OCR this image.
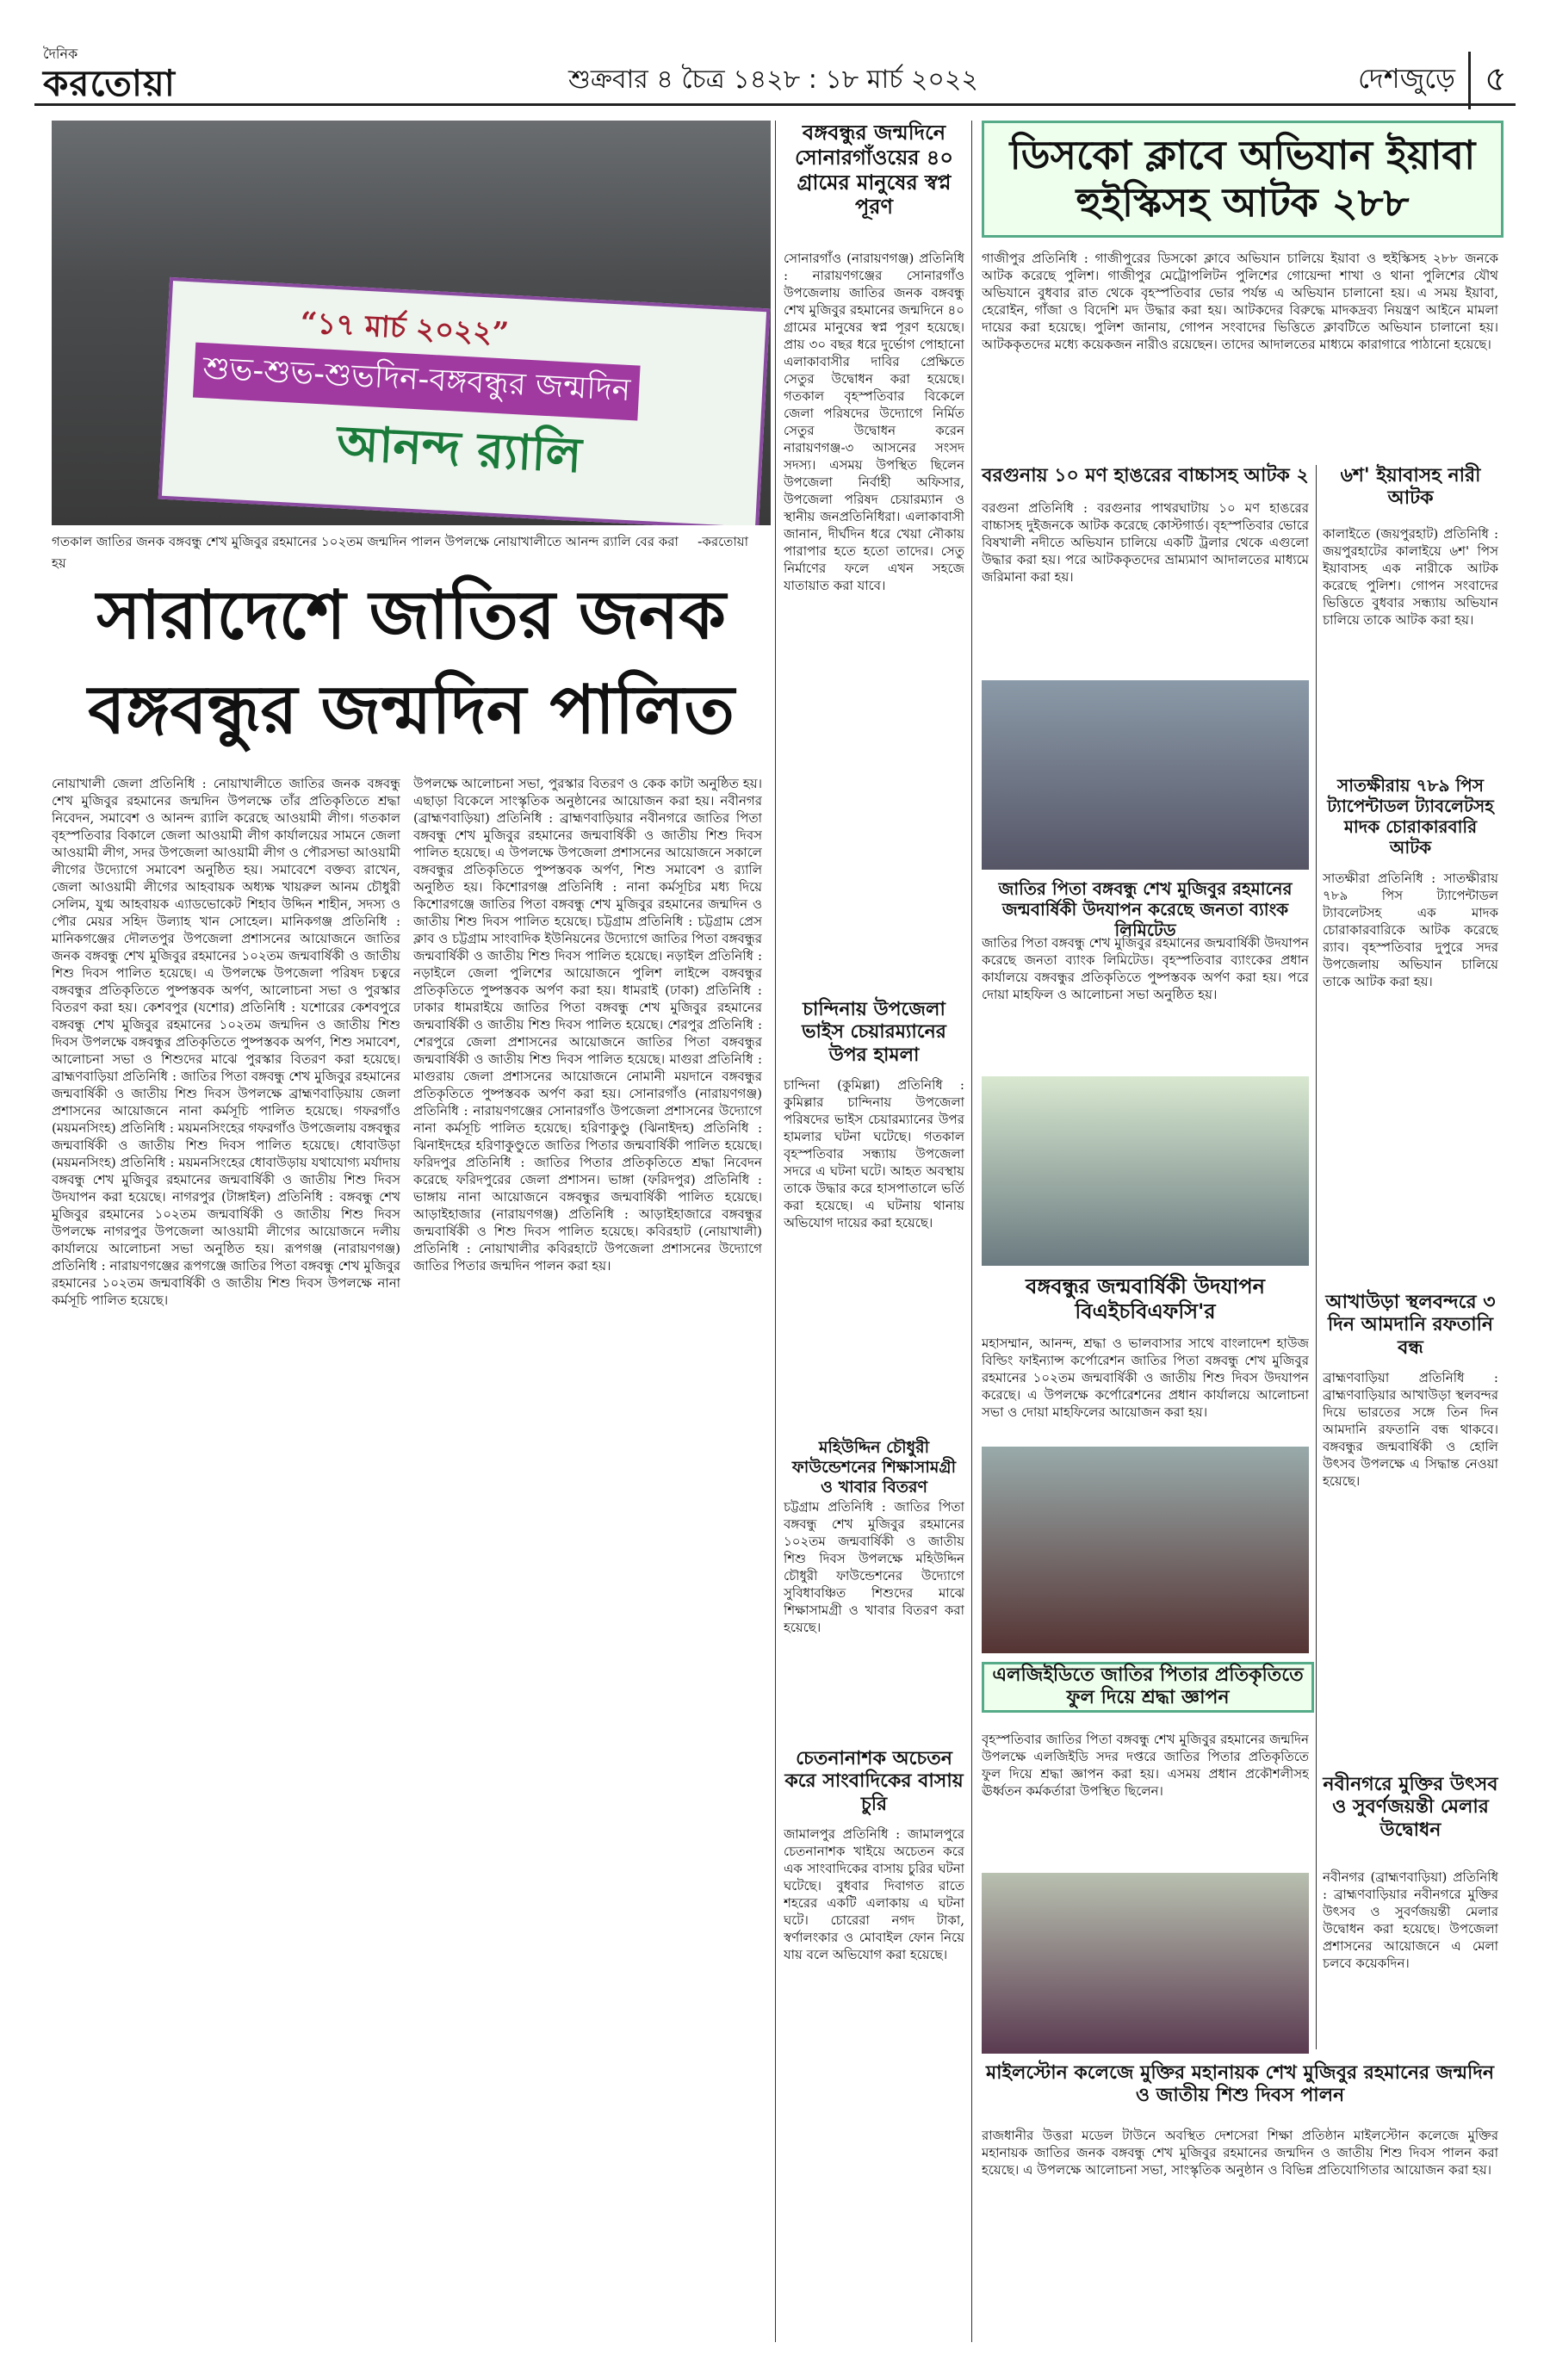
দৈনিক
করতোয়া	শুক্রবার ৪ চৈত্র ১৪২৮ : ১৮ মার্চ ২০২২	দেশজুড়ে ৫
“১৭ মার্চ ২০২২”
শুভ-শুভ-শুভদিন-বঙ্গবন্ধুর জন্মদিন
আনন্দ র‍্যালি
গতকাল জাতির জনক বঙ্গবন্ধু শেখ মুজিবুর রহমানের ১০২তম জন্মদিন পালন উপলক্ষে নোয়াখালীতে আনন্দ র‍্যালি বের করা হয়
-করতোয়া
সারাদেশে জাতির জনক বঙ্গবন্ধুর জন্মদিন পালিত
নোয়াখালী জেলা প্রতিনিধি : নোয়াখালীতে জাতির জনক বঙ্গবন্ধু শেখ মুজিবুর রহমানের জন্মদিন উপলক্ষে তাঁর প্রতিকৃতিতে শ্রদ্ধা নিবেদন, সমাবেশ ও আনন্দ র‍্যালি করেছে আওয়ামী লীগ। গতকাল বৃহস্পতিবার বিকালে জেলা আওয়ামী লীগ কার্যালয়ের সামনে জেলা আওয়ামী লীগ, সদর উপজেলা আওয়ামী লীগ ও পৌরসভা আওয়ামী লীগের উদ্যোগে সমাবেশ অনুষ্ঠিত হয়। সমাবেশে বক্তব্য রাখেন, জেলা আওয়ামী লীগের আহবায়ক অধ্যক্ষ খায়রুল আনম চৌধুরী সেলিম, যুগ্ম আহবায়ক এ্যাডভোকেট শিহাব উদ্দিন শাহীন, সদস্য ও পৌর মেয়র সহিদ উল্যাহ খান সোহেল। মানিকগঞ্জ প্রতিনিধি : মানিকগঞ্জের দৌলতপুর উপজেলা প্রশাসনের আয়োজনে জাতির জনক বঙ্গবন্ধু শেখ মুজিবুর রহমানের ১০২তম জন্মবার্ষিকী ও জাতীয় শিশু দিবস পালিত হয়েছে। এ উপলক্ষে উপজেলা পরিষদ চত্বরে বঙ্গবন্ধুর প্রতিকৃতিতে পুষ্পস্তবক অর্পণ, আলোচনা সভা ও পুরস্কার বিতরণ করা হয়। কেশবপুর (যশোর) প্রতিনিধি : যশোরের কেশবপুরে বঙ্গবন্ধু শেখ মুজিবুর রহমানের ১০২তম জন্মদিন ও জাতীয় শিশু দিবস উপলক্ষে বঙ্গবন্ধুর প্রতিকৃতিতে পুষ্পস্তবক অর্পণ, শিশু সমাবেশ, আলোচনা সভা ও শিশুদের মাঝে পুরস্কার বিতরণ করা হয়েছে। ব্রাহ্মণবাড়িয়া প্রতিনিধি : জাতির পিতা বঙ্গবন্ধু শেখ মুজিবুর রহমানের জন্মবার্ষিকী ও জাতীয় শিশু দিবস উপলক্ষে ব্রাহ্মণবাড়িয়ায় জেলা প্রশাসনের আয়োজনে নানা কর্মসূচি পালিত হয়েছে। গফরগাঁও (ময়মনসিংহ) প্রতিনিধি : ময়মনসিংহের গফরগাঁও উপজেলায় বঙ্গবন্ধুর জন্মবার্ষিকী ও জাতীয় শিশু দিবস পালিত হয়েছে। ধোবাউড়া (ময়মনসিংহ) প্রতিনিধি : ময়মনসিংহের ধোবাউড়ায় যথাযোগ্য মর্যাদায় বঙ্গবন্ধু শেখ মুজিবুর রহমানের জন্মবার্ষিকী ও জাতীয় শিশু দিবস উদযাপন করা হয়েছে। নাগরপুর (টাঙ্গাইল) প্রতিনিধি : বঙ্গবন্ধু শেখ মুজিবুর রহমানের ১০২তম জন্মবার্ষিকী ও জাতীয় শিশু দিবস উপলক্ষে নাগরপুর উপজেলা আওয়ামী লীগের আয়োজনে দলীয় কার্যালয়ে আলোচনা সভা অনুষ্ঠিত হয়। রূপগঞ্জ (নারায়ণগঞ্জ) প্রতিনিধি : নারায়ণগঞ্জের রূপগঞ্জে জাতির পিতা বঙ্গবন্ধু শেখ মুজিবুর রহমানের ১০২তম জন্মবার্ষিকী ও জাতীয় শিশু দিবস উপলক্ষে নানা কর্মসূচি পালিত হয়েছে।
উপলক্ষে আলোচনা সভা, পুরস্কার বিতরণ ও কেক কাটা অনুষ্ঠিত হয়। এছাড়া বিকেলে সাংস্কৃতিক অনুষ্ঠানের আয়োজন করা হয়। নবীনগর (ব্রাহ্মণবাড়িয়া) প্রতিনিধি : ব্রাহ্মণবাড়িয়ার নবীনগরে জাতির পিতা বঙ্গবন্ধু শেখ মুজিবুর রহমানের জন্মবার্ষিকী ও জাতীয় শিশু দিবস পালিত হয়েছে। এ উপলক্ষে উপজেলা প্রশাসনের আয়োজনে সকালে বঙ্গবন্ধুর প্রতিকৃতিতে পুষ্পস্তবক অর্পণ, শিশু সমাবেশ ও র‍্যালি অনুষ্ঠিত হয়। কিশোরগঞ্জ প্রতিনিধি : নানা কর্মসূচির মধ্য দিয়ে কিশোরগঞ্জে জাতির পিতা বঙ্গবন্ধু শেখ মুজিবুর রহমানের জন্মদিন ও জাতীয় শিশু দিবস পালিত হয়েছে। চট্টগ্রাম প্রতিনিধি : চট্টগ্রাম প্রেস ক্লাব ও চট্টগ্রাম সাংবাদিক ইউনিয়নের উদ্যোগে জাতির পিতা বঙ্গবন্ধুর জন্মবার্ষিকী ও জাতীয় শিশু দিবস পালিত হয়েছে। নড়াইল প্রতিনিধি : নড়াইলে জেলা পুলিশের আয়োজনে পুলিশ লাইন্সে বঙ্গবন্ধুর প্রতিকৃতিতে পুষ্পস্তবক অর্পণ করা হয়। ধামরাই (ঢাকা) প্রতিনিধি : ঢাকার ধামরাইয়ে জাতির পিতা বঙ্গবন্ধু শেখ মুজিবুর রহমানের জন্মবার্ষিকী ও জাতীয় শিশু দিবস পালিত হয়েছে। শেরপুর প্রতিনিধি : শেরপুরে জেলা প্রশাসনের আয়োজনে জাতির পিতা বঙ্গবন্ধুর জন্মবার্ষিকী ও জাতীয় শিশু দিবস পালিত হয়েছে। মাগুরা প্রতিনিধি : মাগুরায় জেলা প্রশাসনের আয়োজনে নোমানী ময়দানে বঙ্গবন্ধুর প্রতিকৃতিতে পুষ্পস্তবক অর্পণ করা হয়। সোনারগাঁও (নারায়ণগঞ্জ) প্রতিনিধি : নারায়ণগঞ্জের সোনারগাঁও উপজেলা প্রশাসনের উদ্যোগে নানা কর্মসূচি পালিত হয়েছে। হরিণাকুণ্ডু (ঝিনাইদহ) প্রতিনিধি : ঝিনাইদহের হরিণাকুণ্ডুতে জাতির পিতার জন্মবার্ষিকী পালিত হয়েছে। ফরিদপুর প্রতিনিধি : জাতির পিতার প্রতিকৃতিতে শ্রদ্ধা নিবেদন করেছে ফরিদপুরের জেলা প্রশাসন। ভাঙ্গা (ফরিদপুর) প্রতিনিধি : ভাঙ্গায় নানা আয়োজনে বঙ্গবন্ধুর জন্মবার্ষিকী পালিত হয়েছে। আড়াইহাজার (নারায়ণগঞ্জ) প্রতিনিধি : আড়াইহাজারে বঙ্গবন্ধুর জন্মবার্ষিকী ও শিশু দিবস পালিত হয়েছে। কবিরহাট (নোয়াখালী) প্রতিনিধি : নোয়াখালীর কবিরহাটে উপজেলা প্রশাসনের উদ্যোগে জাতির পিতার জন্মদিন পালন করা হয়।
বঙ্গবন্ধুর জন্মদিনে সোনারগাঁওয়ের ৪০ গ্রামের মানুষের স্বপ্ন পূরণ
সোনারগাঁও (নারায়ণগঞ্জ) প্রতিনিধি : নারায়ণগঞ্জের সোনারগাঁও উপজেলায় জাতির জনক বঙ্গবন্ধু শেখ মুজিবুর রহমানের জন্মদিনে ৪০ গ্রামের মানুষের স্বপ্ন পূরণ হয়েছে। প্রায় ৩০ বছর ধরে দুর্ভোগ পোহানো এলাকাবাসীর দাবির প্রেক্ষিতে সেতুর উদ্বোধন করা হয়েছে। গতকাল বৃহস্পতিবার বিকেলে জেলা পরিষদের উদ্যোগে নির্মিত সেতুর উদ্বোধন করেন নারায়ণগঞ্জ-৩ আসনের সংসদ সদস্য। এসময় উপস্থিত ছিলেন উপজেলা নির্বাহী অফিসার, উপজেলা পরিষদ চেয়ারম্যান ও স্থানীয় জনপ্রতিনিধিরা। এলাকাবাসী জানান, দীর্ঘদিন ধরে খেয়া নৌকায় পারাপার হতে হতো তাদের। সেতু নির্মাণের ফলে এখন সহজে যাতায়াত করা যাবে।
চান্দিনায় উপজেলা ভাইস চেয়ারম্যানের উপর হামলা
চান্দিনা (কুমিল্লা) প্রতিনিধি : কুমিল্লার চান্দিনায় উপজেলা পরিষদের ভাইস চেয়ারম্যানের উপর হামলার ঘটনা ঘটেছে। গতকাল বৃহস্পতিবার সন্ধ্যায় উপজেলা সদরে এ ঘটনা ঘটে। আহত অবস্থায় তাকে উদ্ধার করে হাসপাতালে ভর্তি করা হয়েছে। এ ঘটনায় থানায় অভিযোগ দায়ের করা হয়েছে।
মহিউদ্দিন চৌধুরী ফাউন্ডেশনের শিক্ষাসামগ্রী ও খাবার বিতরণ
চট্টগ্রাম প্রতিনিধি : জাতির পিতা বঙ্গবন্ধু শেখ মুজিবুর রহমানের ১০২তম জন্মবার্ষিকী ও জাতীয় শিশু দিবস উপলক্ষে মহিউদ্দিন চৌধুরী ফাউন্ডেশনের উদ্যোগে সুবিধাবঞ্চিত শিশুদের মাঝে শিক্ষাসামগ্রী ও খাবার বিতরণ করা হয়েছে।
চেতনানাশক অচেতন করে সাংবাদিকের বাসায় চুরি
জামালপুর প্রতিনিধি : জামালপুরে চেতনানাশক খাইয়ে অচেতন করে এক সাংবাদিকের বাসায় চুরির ঘটনা ঘটেছে। বুধবার দিবাগত রাতে শহরের একটি এলাকায় এ ঘটনা ঘটে। চোরেরা নগদ টাকা, স্বর্ণালংকার ও মোবাইল ফোন নিয়ে যায় বলে অভিযোগ করা হয়েছে।
ডিসকো ক্লাবে অভিযান ইয়াবা হুইস্কিসহ আটক ২৮৮
গাজীপুর প্রতিনিধি : গাজীপুরের ডিসকো ক্লাবে অভিযান চালিয়ে ইয়াবা ও হুইস্কিসহ ২৮৮ জনকে আটক করেছে পুলিশ। গাজীপুর মেট্রোপলিটন পুলিশের গোয়েন্দা শাখা ও থানা পুলিশের যৌথ অভিযানে বুধবার রাত থেকে বৃহস্পতিবার ভোর পর্যন্ত এ অভিযান চালানো হয়। এ সময় ইয়াবা, হেরোইন, গাঁজা ও বিদেশি মদ উদ্ধার করা হয়। আটকদের বিরুদ্ধে মাদকদ্রব্য নিয়ন্ত্রণ আইনে মামলা দায়ের করা হয়েছে। পুলিশ জানায়, গোপন সংবাদের ভিত্তিতে ক্লাবটিতে অভিযান চালানো হয়। আটককৃতদের মধ্যে কয়েকজন নারীও রয়েছেন। তাদের আদালতের মাধ্যমে কারাগারে পাঠানো হয়েছে।
বরগুনায় ১০ মণ হাঙরের বাচ্চাসহ আটক ২
বরগুনা প্রতিনিধি : বরগুনার পাথরঘাটায় ১০ মণ হাঙরের বাচ্চাসহ দুইজনকে আটক করেছে কোস্টগার্ড। বৃহস্পতিবার ভোরে বিষখালী নদীতে অভিযান চালিয়ে একটি ট্রলার থেকে এগুলো উদ্ধার করা হয়। পরে আটককৃতদের ভ্রাম্যমাণ আদালতের মাধ্যমে জরিমানা করা হয়।
জাতির পিতা বঙ্গবন্ধু শেখ মুজিবুর রহমানের জন্মবার্ষিকী উদযাপন করেছে জনতা ব্যাংক লিমিটেড
জাতির পিতা বঙ্গবন্ধু শেখ মুজিবুর রহমানের জন্মবার্ষিকী উদযাপন করেছে জনতা ব্যাংক লিমিটেড। বৃহস্পতিবার ব্যাংকের প্রধান কার্যালয়ে বঙ্গবন্ধুর প্রতিকৃতিতে পুষ্পস্তবক অর্পণ করা হয়। পরে দোয়া মাহফিল ও আলোচনা সভা অনুষ্ঠিত হয়।
বঙ্গবন্ধুর জন্মবার্ষিকী উদযাপন বিএইচবিএফসি'র
মহাসম্মান, আনন্দ, শ্রদ্ধা ও ভালবাসার সাথে বাংলাদেশ হাউজ বিল্ডিং ফাইন্যান্স কর্পোরেশন জাতির পিতা বঙ্গবন্ধু শেখ মুজিবুর রহমানের ১০২তম জন্মবার্ষিকী ও জাতীয় শিশু দিবস উদযাপন করেছে। এ উপলক্ষে কর্পোরেশনের প্রধান কার্যালয়ে আলোচনা সভা ও দোয়া মাহফিলের আয়োজন করা হয়।
এলজিইডিতে জাতির পিতার প্রতিকৃতিতে ফুল দিয়ে শ্রদ্ধা জ্ঞাপন
বৃহস্পতিবার জাতির পিতা বঙ্গবন্ধু শেখ মুজিবুর রহমানের জন্মদিন উপলক্ষে এলজিইডি সদর দপ্তরে জাতির পিতার প্রতিকৃতিতে ফুল দিয়ে শ্রদ্ধা জ্ঞাপন করা হয়। এসময় প্রধান প্রকৌশলীসহ ঊর্ধ্বতন কর্মকর্তারা উপস্থিত ছিলেন।
মাইলস্টোন কলেজে মুক্তির মহানায়ক শেখ মুজিবুর রহমানের জন্মদিন ও জাতীয় শিশু দিবস পালন
রাজধানীর উত্তরা মডেল টাউনে অবস্থিত দেশসেরা শিক্ষা প্রতিষ্ঠান মাইলস্টোন কলেজে মুক্তির মহানায়ক জাতির জনক বঙ্গবন্ধু শেখ মুজিবুর রহমানের জন্মদিন ও জাতীয় শিশু দিবস পালন করা হয়েছে। এ উপলক্ষে আলোচনা সভা, সাংস্কৃতিক অনুষ্ঠান ও বিভিন্ন প্রতিযোগিতার আয়োজন করা হয়।
৬শ' ইয়াবাসহ নারী আটক
কালাইতে (জয়পুরহাট) প্রতিনিধি : জয়পুরহাটের কালাইয়ে ৬শ' পিস ইয়াবাসহ এক নারীকে আটক করেছে পুলিশ। গোপন সংবাদের ভিত্তিতে বুধবার সন্ধ্যায় অভিযান চালিয়ে তাকে আটক করা হয়।
সাতক্ষীরায় ৭৮৯ পিস ট্যাপেন্টাডল ট্যাবলেটসহ মাদক চোরাকারবারি আটক
সাতক্ষীরা প্রতিনিধি : সাতক্ষীরায় ৭৮৯ পিস ট্যাপেন্টাডল ট্যাবলেটসহ এক মাদক চোরাকারবারিকে আটক করেছে র‍্যাব। বৃহস্পতিবার দুপুরে সদর উপজেলায় অভিযান চালিয়ে তাকে আটক করা হয়।
আখাউড়া স্থলবন্দরে ৩ দিন আমদানি রফতানি বন্ধ
ব্রাহ্মণবাড়িয়া প্রতিনিধি : ব্রাহ্মণবাড়িয়ার আখাউড়া স্থলবন্দর দিয়ে ভারতের সঙ্গে তিন দিন আমদানি রফতানি বন্ধ থাকবে। বঙ্গবন্ধুর জন্মবার্ষিকী ও হোলি উৎসব উপলক্ষে এ সিদ্ধান্ত নেওয়া হয়েছে।
নবীনগরে মুক্তির উৎসব ও সুবর্ণজয়ন্তী মেলার উদ্বোধন
নবীনগর (ব্রাহ্মণবাড়িয়া) প্রতিনিধি : ব্রাহ্মণবাড়িয়ার নবীনগরে মুক্তির উৎসব ও সুবর্ণজয়ন্তী মেলার উদ্বোধন করা হয়েছে। উপজেলা প্রশাসনের আয়োজনে এ মেলা চলবে কয়েকদিন।
